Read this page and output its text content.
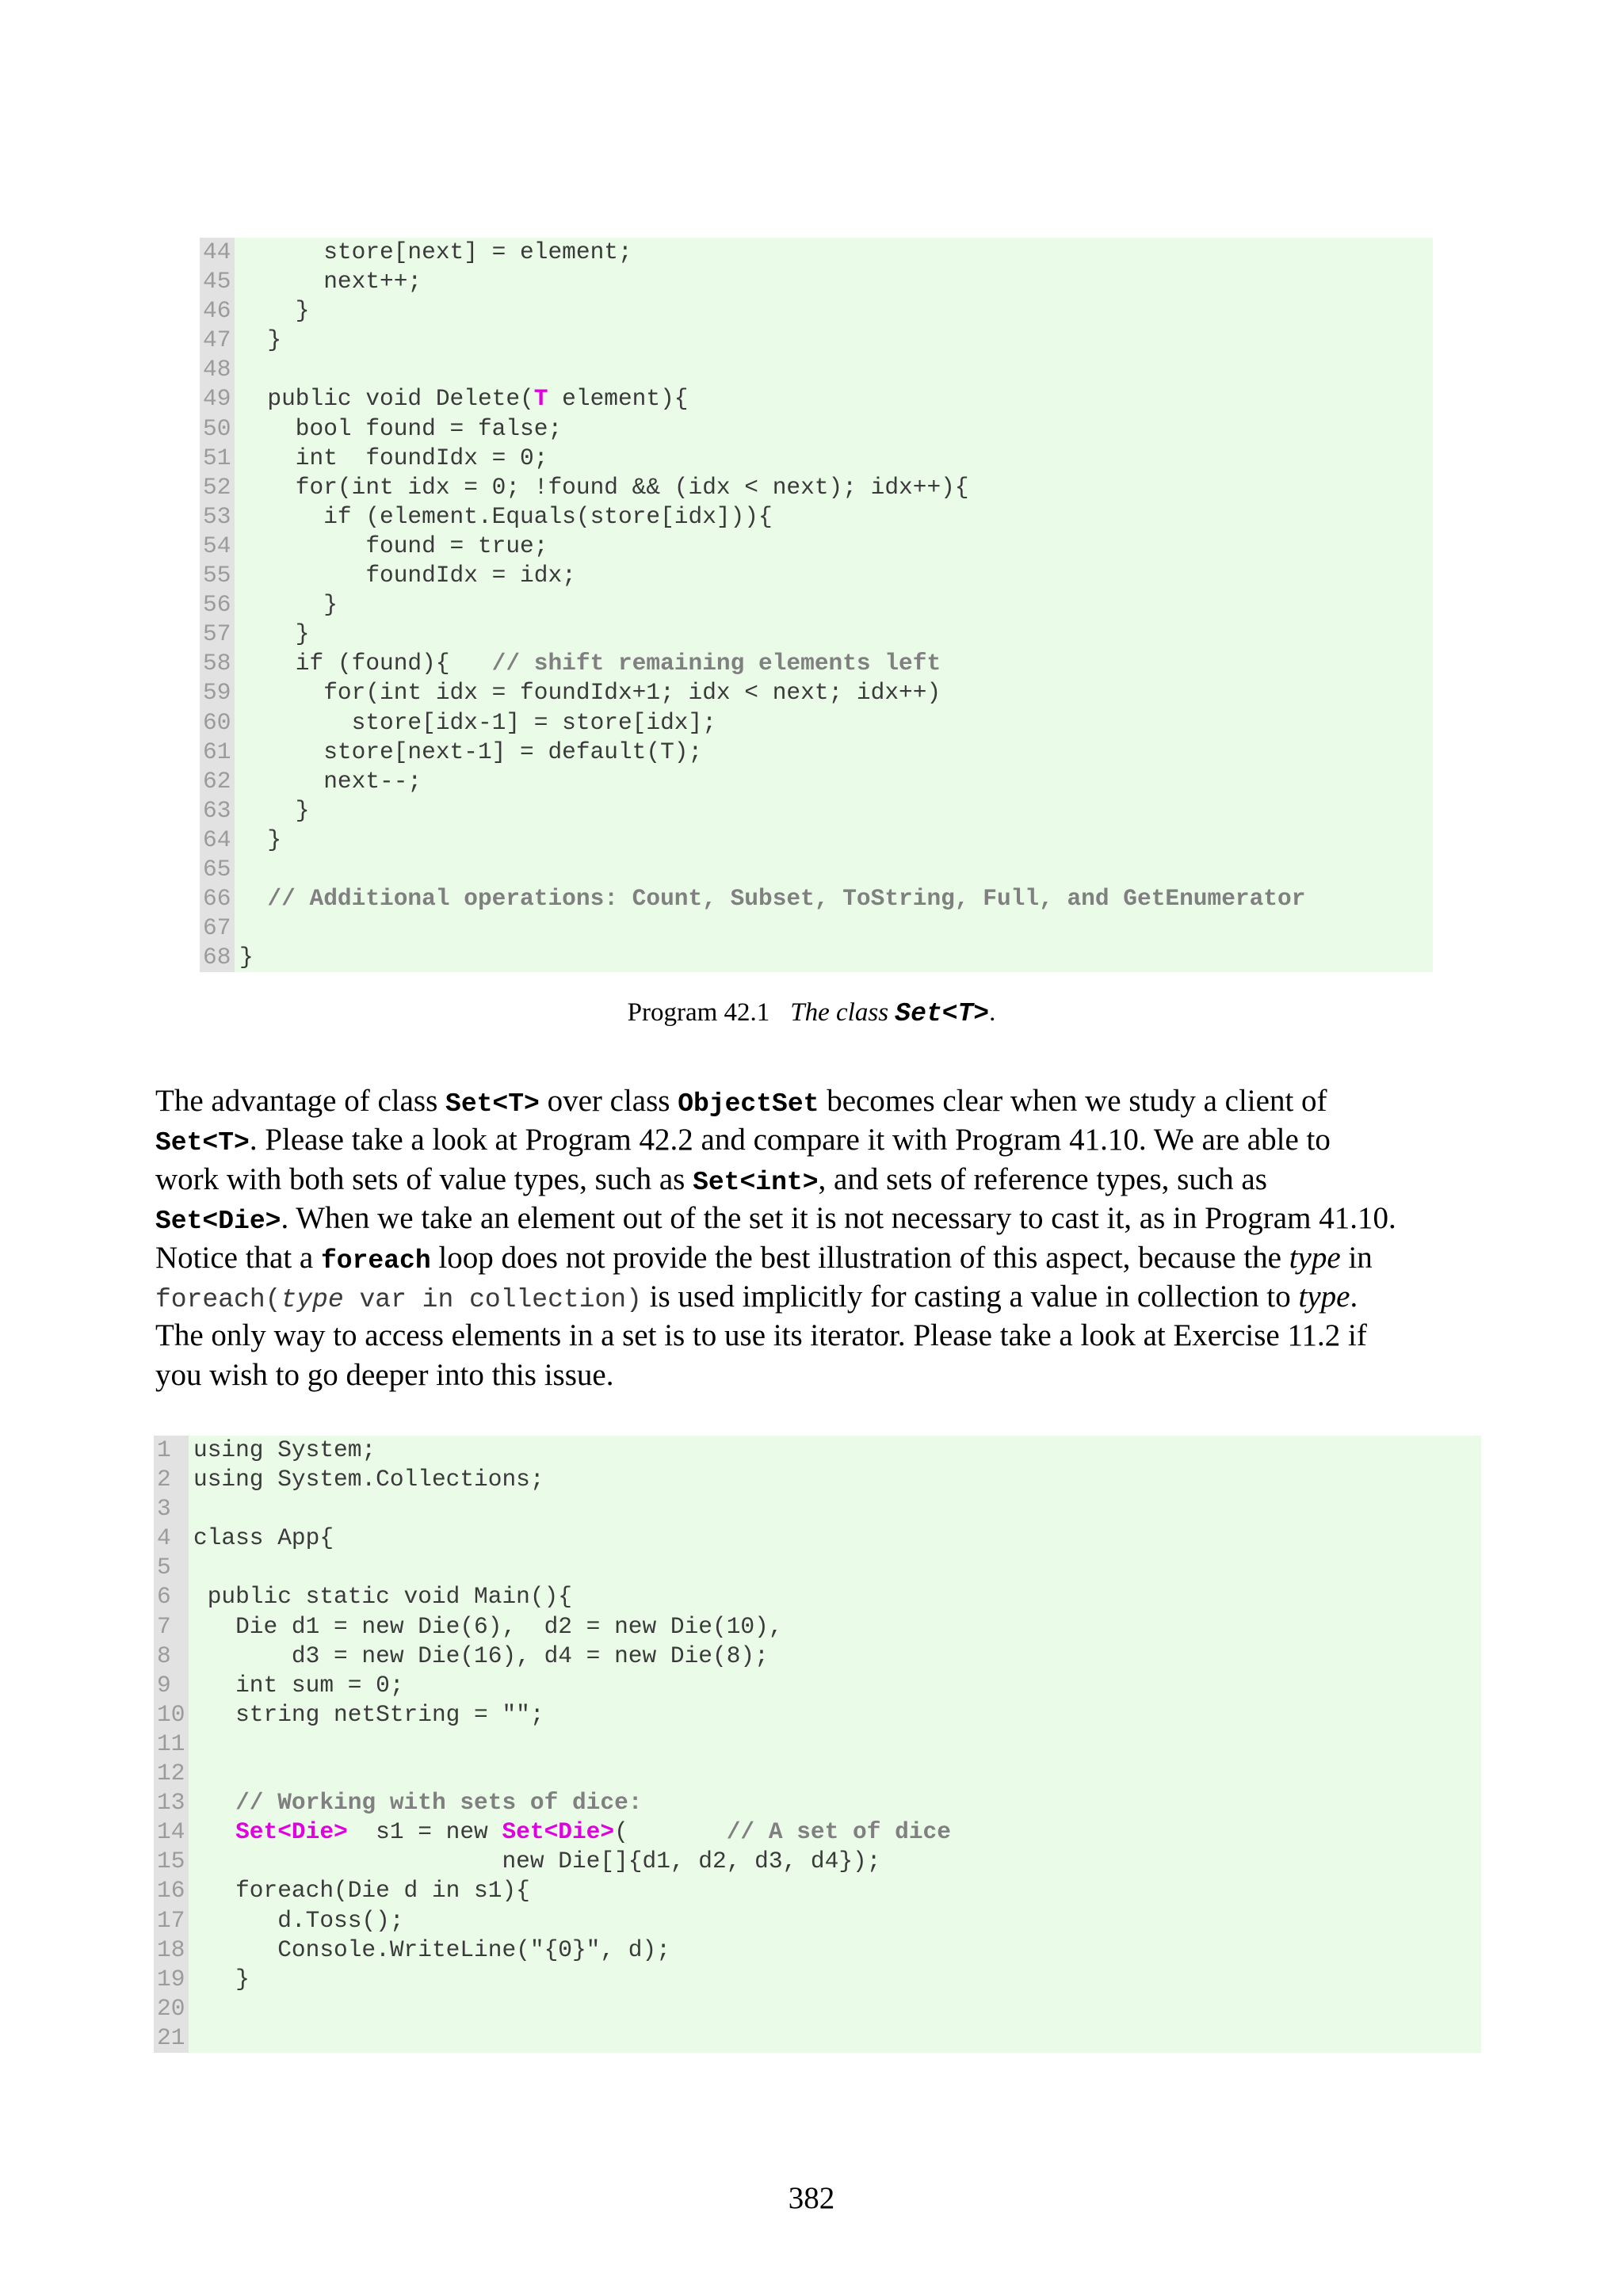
44 store[next] = element;
45 next++;
46 }
47 }
48
49 public void Delete(T element){
50 bool found = false;
51 int  foundIdx = 0;
52 for(int idx = 0; !found && (idx < next); idx++){
53 if (element.Equals(store[idx])){
54 found = true;
55 foundIdx = idx;
56 }
57 }
58 if (found){   // shift remaining elements left
59 for(int idx = foundIdx+1; idx < next; idx++)
60 store[idx-1] = store[idx];
61 store[next-1] = default(T);
62 next--;
63 }
64 }
65
66	// Additional operations: Count, Subset, ToString, Full, and GetEnumerator
67
68 }
Program 42.1 The class Set<T>.
The advantage of class Set<T> over class ObjectSet becomes clear when we study a client of
Set<T>. Please take a look at Program 42.2 and compare it with Program 41.10. We are able to
work with both sets of value types, such as Set<int>, and sets of reference types, such as
Set<Die>. When we take an element out of the set it is not necessary to cast it, as in Program 41.10.
Notice that a foreach loop does not provide the best illustration of this aspect, because the type in
foreach(type var in collection) is used implicitly for casting a value in collection to type.
The only way to access elements in a set is to use its iterator. Please take a look at Exercise 11.2 if
you wish to go deeper into this issue.
1 using System;
2 using System.Collections;
3
4 class App{
5
6 public static void Main(){
7 Die d1 = new Die(6),  d2 = new Die(10),
8 d3 = new Die(16), d4 = new Die(8);
9 int sum = 0;
10 string netString = "";
11
12
13	// Working with sets of dice:
14	Set<Die>  s1 = new Set<Die>(       // A set of dice
15 new Die[]{d1, d2, d3, d4});
16 foreach(Die d in s1){
17 d.Toss();
18 Console.WriteLine("{0}", d);
19 }
20
21
382
